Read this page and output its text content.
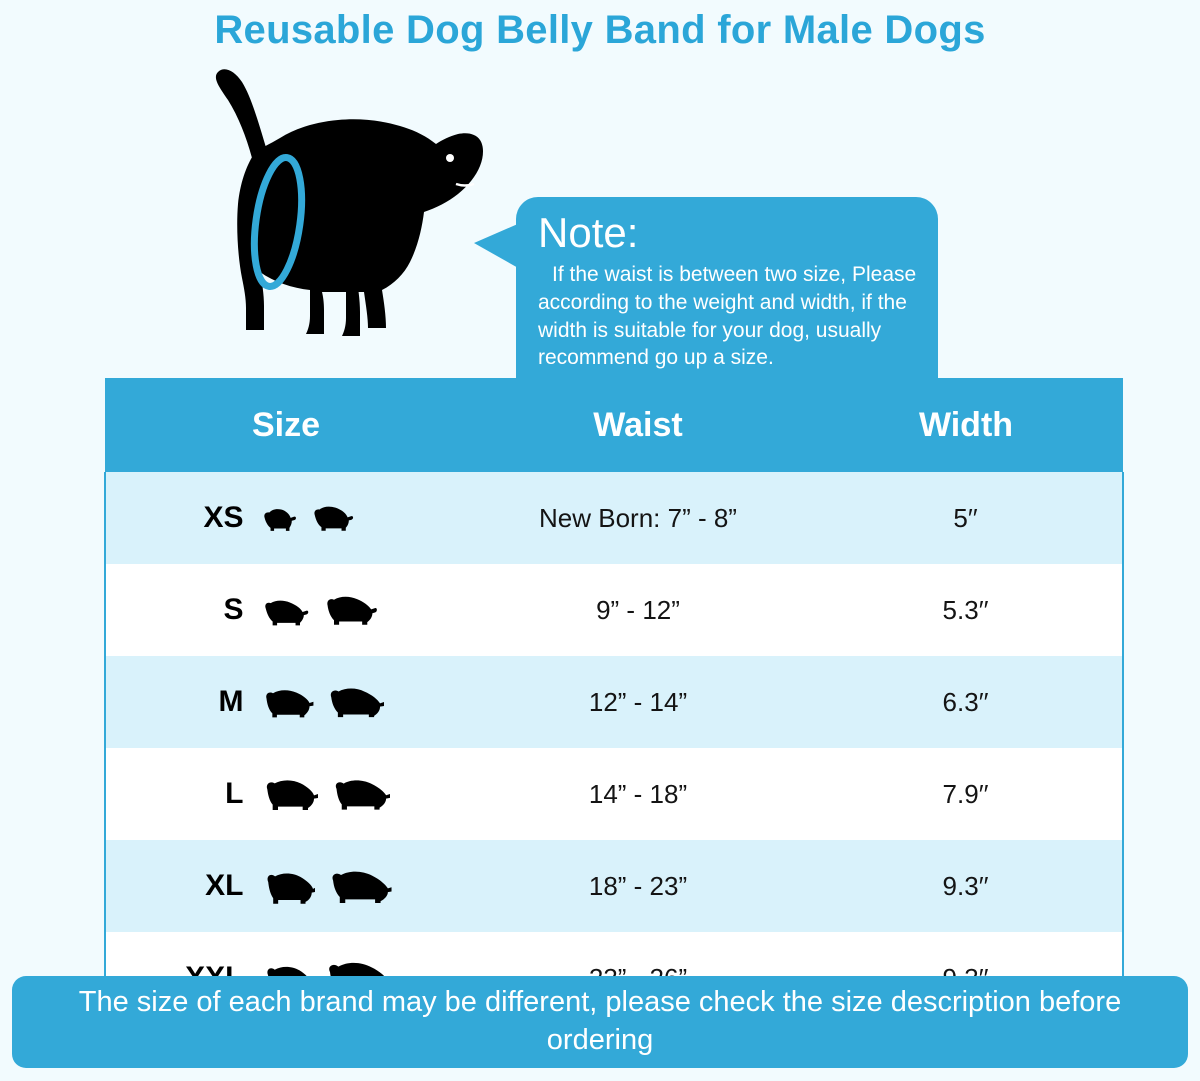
Reusable Dog Belly Band for Male Dogs
Note:
If the waist is between two size, Please according to the weight and width, if the width is suitable for your dog, usually recommend go up a size.
Size	Waist	Width

XS	New Born: 7” - 8”	5′′

S	9” - 12”	5.3′′

M	12” - 14”	6.3′′

L	14” - 18”	7.9′′

XL	18” - 23”	9.3′′

The size of each brand may be different, please check the size description before ordering
